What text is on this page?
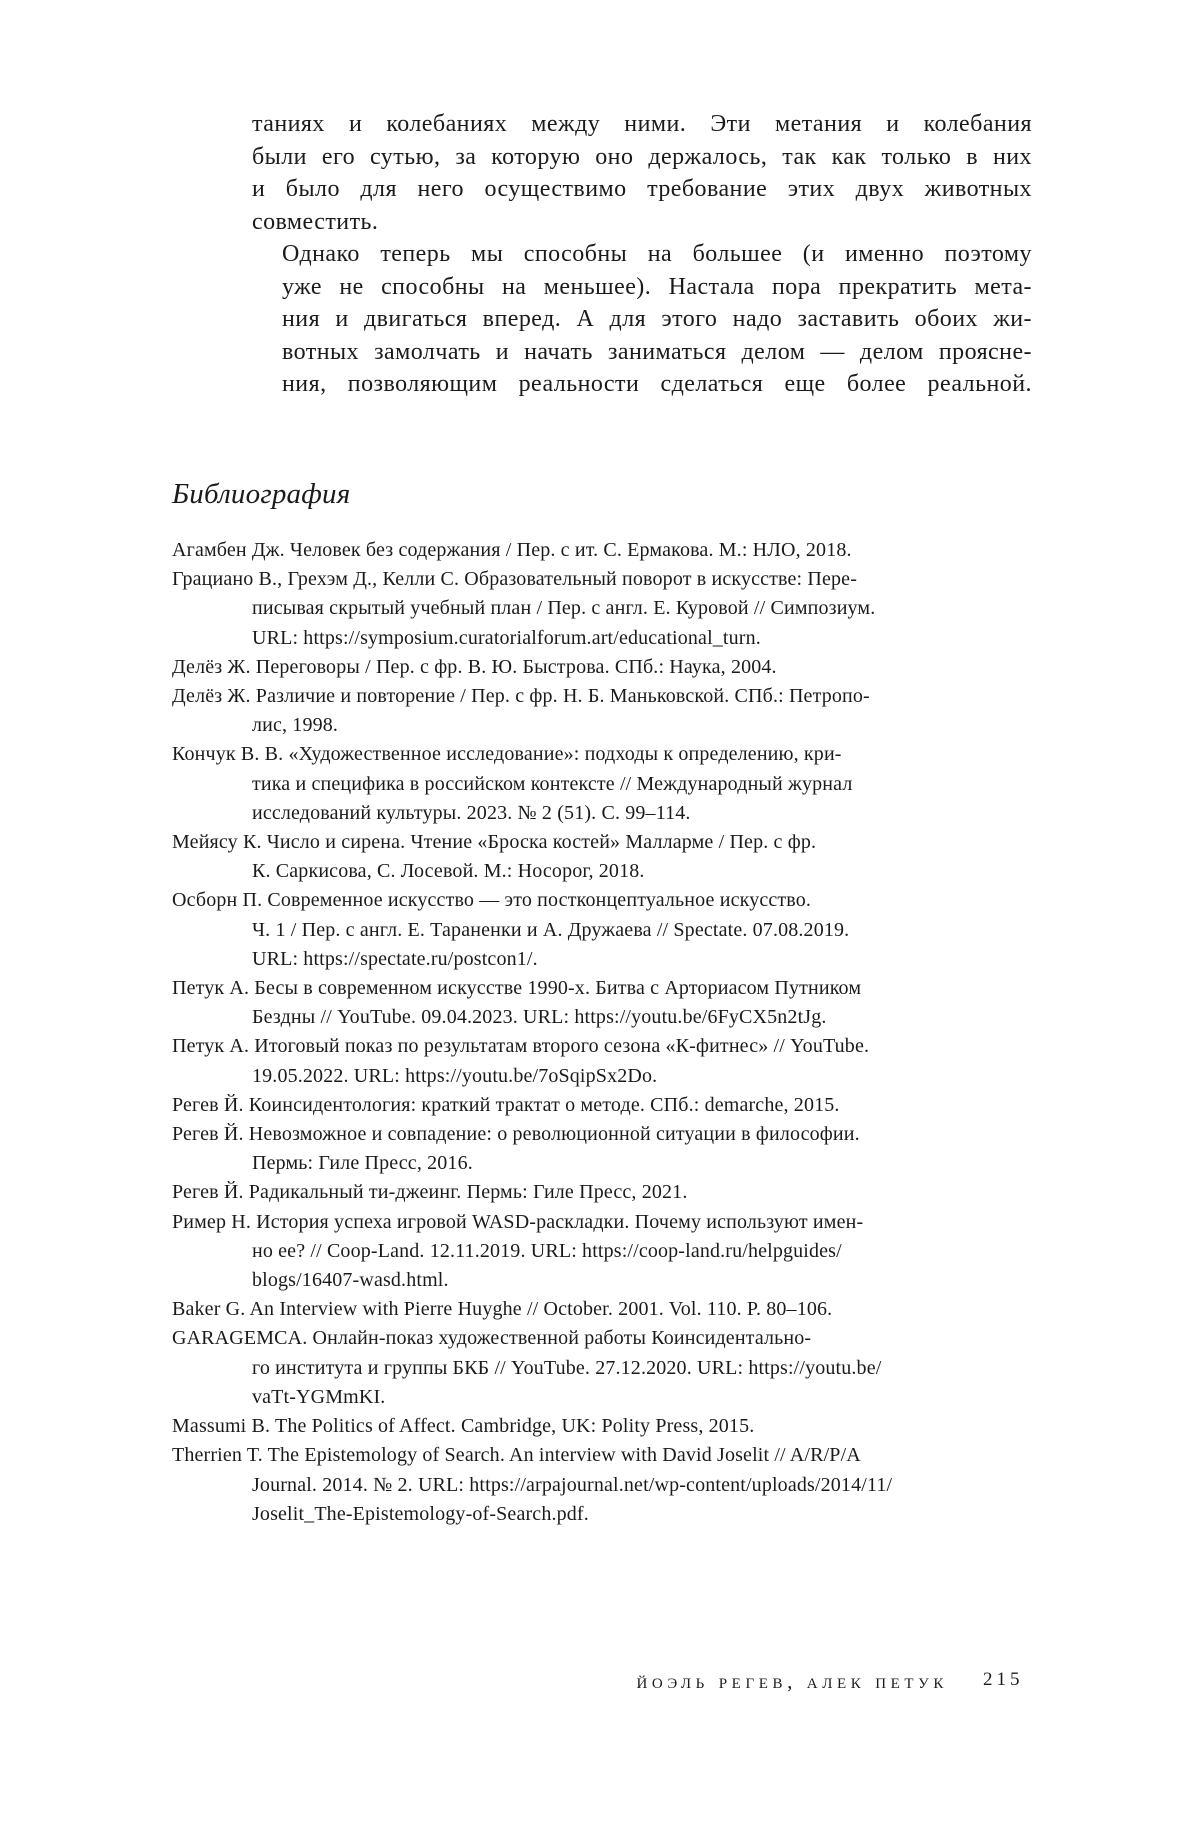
таниях и колебаниях между ними. Эти метания и колебания
были его сутью, за которую оно держалось, так как только в них
и было для него осуществимо требование этих двух животных
совместить.

Однако теперь мы способны на большее (и именно поэтому
уже не способны на меньшее). Настала пора прекратить мета-
ния и двигаться вперед. А для этого надо заставить обоих жи-
вотных замолчать и начать заниматься делом — делом проясне-
ния, позволяющим реальности сделаться еще более реальной.

Библиография
Агамбен Дж. Человек без содержания / Пер. с ит. С. Ермакова. М.: НЛО, 2018.
Грациано В., Грехэм Д., Келли С. Образовательный поворот в искусстве: Пере-
писывая скрытый учебный план / Пер. с англ. Е. Куровой // Симпозиум.
URL: https://symposium.curatorialforum.art/educational_turn.
Делёз Ж. Переговоры / Пер. с фр. В. Ю. Быстрова. СПб.: Наука, 2004.
Делёз Ж. Различие и повторение / Пер. с фр. Н. Б. Маньковской. СПб.: Петропо-
лис, 1998.
Кончук В. В. «Художественное исследование»: подходы к определению, кри-
тика и специфика в российском контексте // Международный журнал
исследований культуры. 2023. № 2 (51). С. 99–114.
Мейясу К. Число и сирена. Чтение «Броска костей» Малларме / Пер. с фр.
К. Саркисова, С. Лосевой. М.: Носорог, 2018.
Осборн П. Современное искусство — это постконцептуальное искусство.
Ч. 1 / Пер. с англ. Е. Тараненки и А. Дружаева // Spectate. 07.08.2019.
URL: https://spectate.ru/postcon1/.
Петук А. Бесы в современном искусстве 1990-х. Битва с Арториасом Путником
Бездны // YouTube. 09.04.2023. URL: https://youtu.be/6FyCX5n2tJg.
Петук А. Итоговый показ по результатам второго сезона «К-фитнес» // YouTube.
19.05.2022. URL: https://youtu.be/7oSqipSx2Do.
Регев Й. Коинсидентология: краткий трактат о методе. СПб.: demarche, 2015.
Регев Й. Невозможное и совпадение: о революционной ситуации в философии.
Пермь: Гиле Пресс, 2016.
Регев Й. Радикальный ти-джеинг. Пермь: Гиле Пресс, 2021.
Ример Н. История успеха игровой WASD-раскладки. Почему используют имен-
но ее? // Coop-Land. 12.11.2019. URL: https://coop-land.ru/helpguides/
blogs/16407-wasd.html.
Baker G. An Interview with Pierre Huyghe // October. 2001. Vol. 110. P. 80–106.
GARAGEMCA. Онлайн-показ художественной работы Коинсидентально-
го института и группы БКБ // YouTube. 27.12.2020. URL: https://youtu.be/
vaTt-YGMmKI.
Massumi B. The Politics of Affect. Cambridge, UK: Polity Press, 2015.
Therrien T. The Epistemology of Search. An interview with David Joselit // A/R/P/A
Journal. 2014. № 2. URL: https://arpajournal.net/wp-content/uploads/2014/11/
Joselit_The-Epistemology-of-Search.pdf.
йоэль регев, алек петук 215
